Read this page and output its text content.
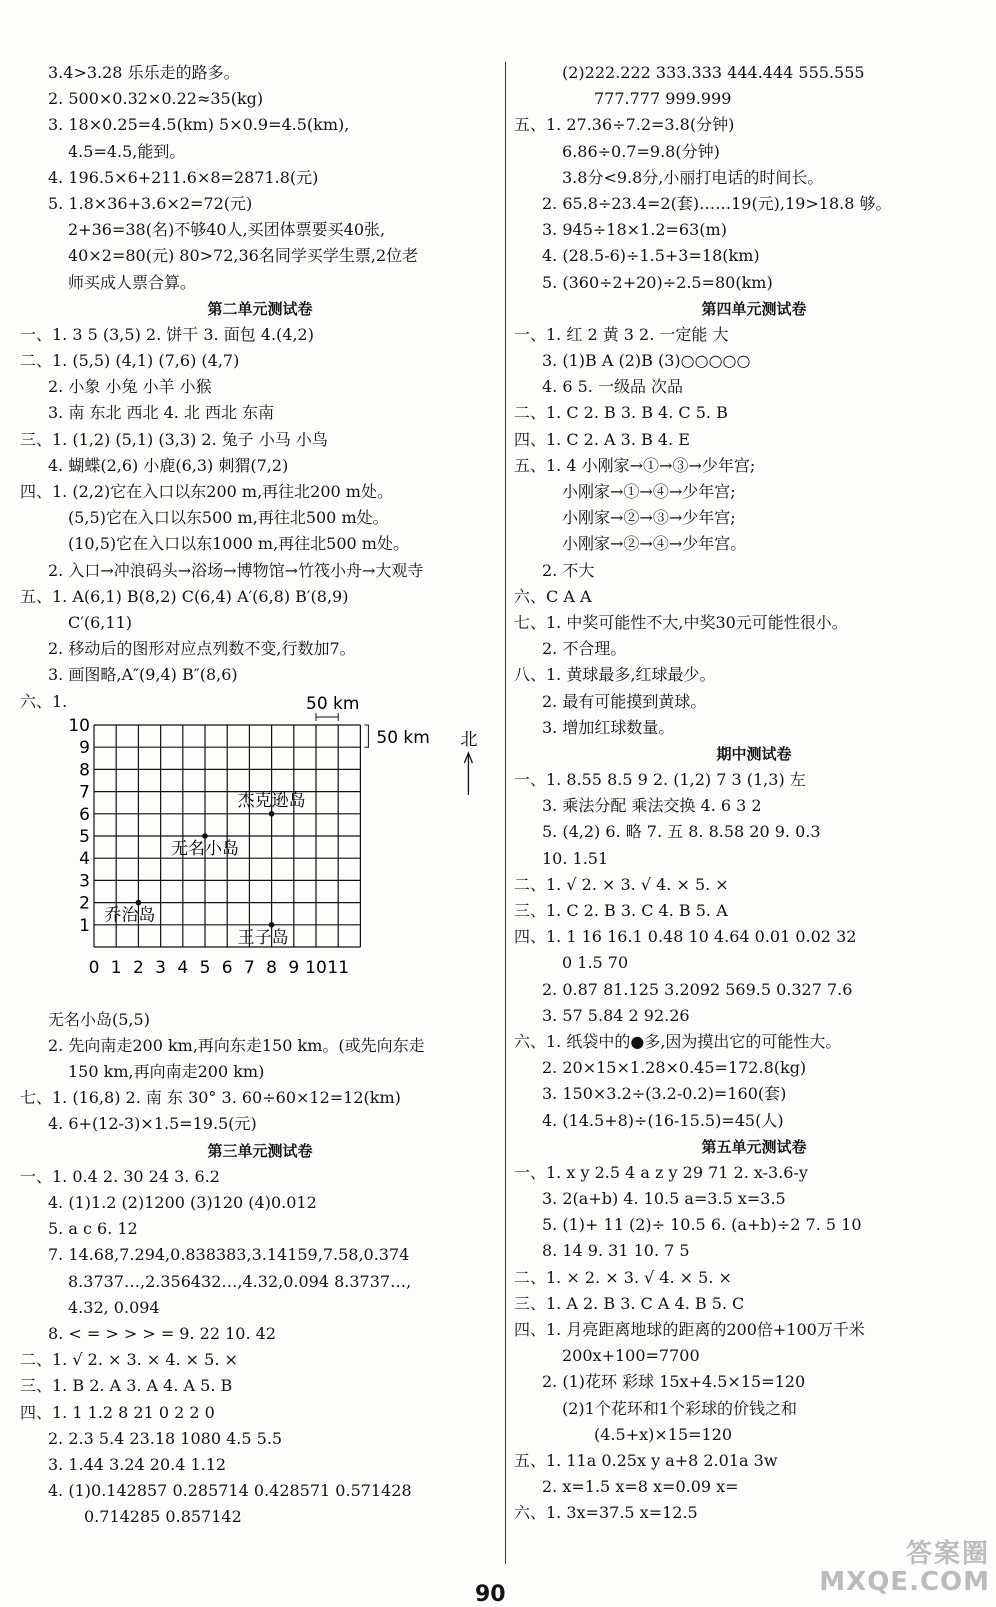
3.4>3.28 乐乐走的路多。
2. 500×0.32×0.22≈35(kg)
3. 18×0.25=4.5(km) 5×0.9=4.5(km),
4.5=4.5,能到。
4. 196.5×6+211.6×8=2871.8(元)
5. 1.8×36+3.6×2=72(元)
2+36=38(名)不够40人,买团体票要买40张,
40×2=80(元) 80>72,36名同学买学生票,2位老
师买成人票合算。
第二单元测试卷
一、1. 3 5 (3,5) 2. 饼干 3. 面包 4.(4,2)
二、1. (5,5) (4,1) (7,6) (4,7)
2. 小象 小兔 小羊 小猴
3. 南 东北 西北 4. 北 西北 东南
三、1. (1,2) (5,1) (3,3) 2. 兔子 小马 小鸟
4. 蝴蝶(2,6) 小鹿(6,3) 刺猬(7,2)
四、1. (2,2)它在入口以东200 m,再往北200 m处。
(5,5)它在入口以东500 m,再往北500 m处。
(10,5)它在入口以东1000 m,再往北500 m处。
2. 入口→冲浪码头→浴场→博物馆→竹筏小舟→大观寺
五、1. A(6,1) B(8,2) C(6,4) A′(6,8) B′(8,9)
C′(6,11)
2. 移动后的图形对应点列数不变,行数加7。
3. 画图略,A″(9,4) B″(8,6)
六、1.
10
9
8
7
6
5
4
3
2
1
0 1 2 3 4 5 6 7 8 9 10 11
杰克逊岛
无名小岛
乔治岛
王子岛
50 km
50 km 北
无名小岛(5,5)
2. 先向南走200 km,再向东走150 km。(或先向东走
150 km,再向南走200 km)
七、1. (16,8) 2. 南 东 30° 3. 60÷60×12=12(km)
4. 6+(12-3)×1.5=19.5(元)
第三单元测试卷
一、1. 0.4 2. 30 24 3. 6.2
4. (1)1.2 (2)1200 (3)120 (4)0.012
5. a c 6. 12
7. 14.68,7.294,0.838383,3.14159,7.58,0.374
8.3737…,2.356432…,4.32,0.094 8.3737…,
4.32, 0.094
8. < = > > > = 9. 22 10. 42
二、1. √ 2. × 3. × 4. × 5. ×
三、1. B 2. A 3. A 4. A 5. B
四、1. 1 1.2 8 21 0 2 2 0
2. 2.3 5.4 23.18 1080 4.5 5.5
3. 1.44 3.24 20.4 1.12
4. (1)0.142857 0.285714 0.428571 0.571428
0.714285 0.857142
(2)222.222 333.333 444.444 555.555
777.777 999.999
五、1. 27.36÷7.2=3.8(分钟)
6.86÷0.7=9.8(分钟)
3.8分<9.8分,小丽打电话的时间长。
2. 65.8÷23.4=2(套)……19(元),19>18.8 够。
3. 945÷18×1.2=63(m)
4. (28.5-6)÷1.5+3=18(km)
5. (360÷2+20)÷2.5=80(km)
第四单元测试卷
一、1. 红 2 黄 3 2. 一定能 大
3. (1)B A (2)B (3)○○○○○
4. 6 5. 一级品 次品
二、1. C 2. B 3. B 4. C 5. B
四、1. C 2. A 3. B 4. E
五、1. 4 小刚家→①→③→少年宫;
小刚家→①→④→少年宫;
小刚家→②→③→少年宫;
小刚家→②→④→少年宫。
2. 不大
六、C A A
七、1. 中奖可能性不大,中奖30元可能性很小。
2. 不合理。
八、1. 黄球最多,红球最少。
2. 最有可能摸到黄球。
3. 增加红球数量。
期中测试卷
一、1. 8.55 8.5 9 2. (1,2) 7 3 (1,3) 左
3. 乘法分配 乘法交换 4. 6 3 2
5. (4,2) 6. 略 7. 五 8. 8.58 20 9. 0.3
10. 1.51
二、1. √ 2. × 3. √ 4. × 5. ×
三、1. C 2. B 3. C 4. B 5. A
四、1. 1 16 16.1 0.48 10 4.64 0.01 0.02 32
0 1.5 70
2. 0.87 81.125 3.2092 569.5 0.327 7.6
3. 57 5.84 2 92.26
六、1. 纸袋中的●多,因为摸出它的可能性大。
2. 20×15×1.28×0.45=172.8(kg)
3. 150×3.2÷(3.2-0.2)=160(套)
4. (14.5+8)÷(16-15.5)=45(人)
第五单元测试卷
一、1. x y 2.5 4 a z y 29 71 2. x-3.6-y
3. 2(a+b) 4. 10.5 a=3.5 x=3.5
5. (1)+ 11 (2)÷ 10.5 6. (a+b)÷2 7. 5 10
8. 14 9. 31 10. 7 5
二、1. × 2. × 3. √ 4. × 5. ×
三、1. A 2. B 3. C A 4. B 5. C
四、1. 月亮距离地球的距离的200倍+100万千米
200x+100=7700
2. (1)花环 彩球 15x+4.5×15=120
(2)1个花环和1个彩球的价钱之和
(4.5+x)×15=120
五、1. 11a 0.25x y a+8 2.01a 3w
2. x=1.5 x=8 x=0.09 x=
六、1. 3x=37.5 x=12.5
90
答案圈
MXQE.COM
